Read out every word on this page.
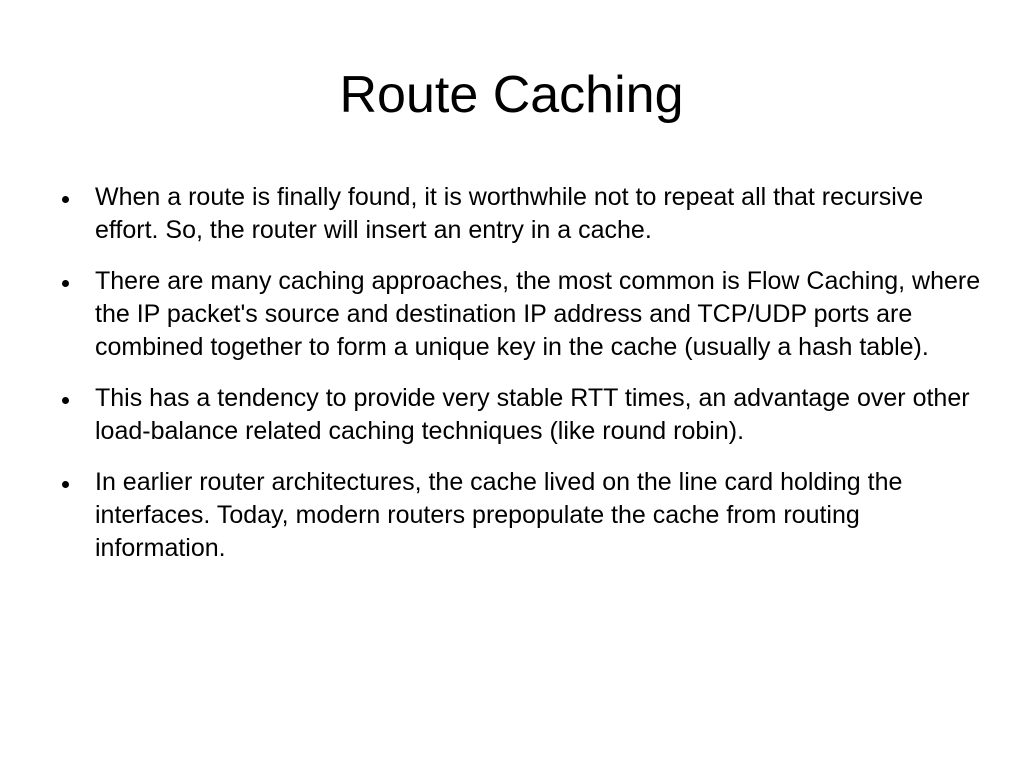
Route Caching
When a route is finally found, it is worthwhile not to repeat all that recursive effort. So, the router will insert an entry in a cache.
There are many caching approaches, the most common is Flow Caching, where the IP packet's source and destination IP address and TCP/UDP ports are combined together to form a unique key in the cache (usually a hash table).
This has a tendency to provide very stable RTT times, an advantage over other load-balance related caching techniques (like round robin).
In earlier router architectures, the cache lived on the line card holding the interfaces. Today, modern routers prepopulate the cache from routing information.
